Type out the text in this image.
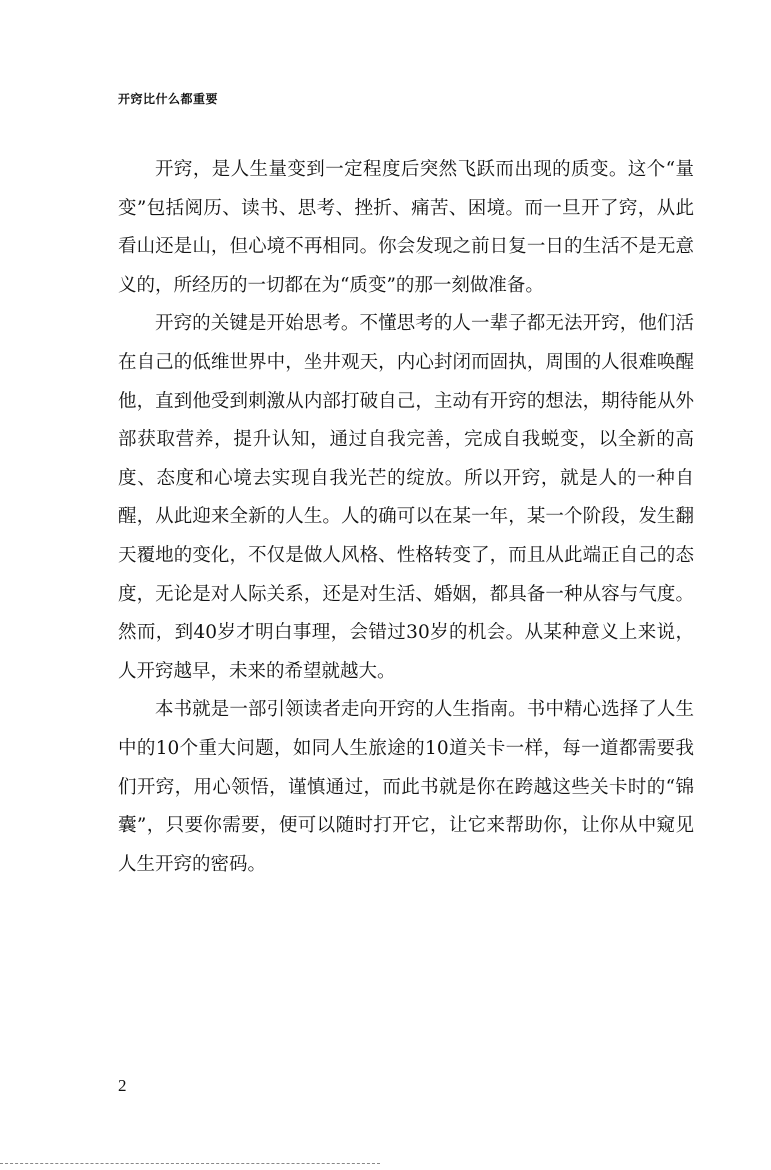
开窍比什么都重要

开窍，是人生量变到一定程度后突然飞跃而出现的质变。这个“量变”包括阅历、读书、思考、挫折、痛苦、困境。而一旦开了窍，从此看山还是山，但心境不再相同。你会发现之前日复一日的生活不是无意义的，所经历的一切都在为“质变”的那一刻做准备。

开窍的关键是开始思考。不懂思考的人一辈子都无法开窍，他们活在自己的低维世界中，坐井观天，内心封闭而固执，周围的人很难唤醒他，直到他受到刺激从内部打破自己，主动有开窍的想法，期待能从外部获取营养，提升认知，通过自我完善，完成自我蜕变，以全新的高度、态度和心境去实现自我光芒的绽放。所以开窍，就是人的一种自醒，从此迎来全新的人生。人的确可以在某一年，某一个阶段，发生翻天覆地的变化，不仅是做人风格、性格转变了，而且从此端正自己的态度，无论是对人际关系，还是对生活、婚姻，都具备一种从容与气度。然而，到40岁才明白事理，会错过30岁的机会。从某种意义上来说，人开窍越早，未来的希望就越大。

本书就是一部引领读者走向开窍的人生指南。书中精心选择了人生中的10个重大问题，如同人生旅途的10道关卡一样，每一道都需要我们开窍，用心领悟，谨慎通过，而此书就是你在跨越这些关卡时的“锦囊”，只要你需要，便可以随时打开它，让它来帮助你，让你从中窥见人生开窍的密码。

2
